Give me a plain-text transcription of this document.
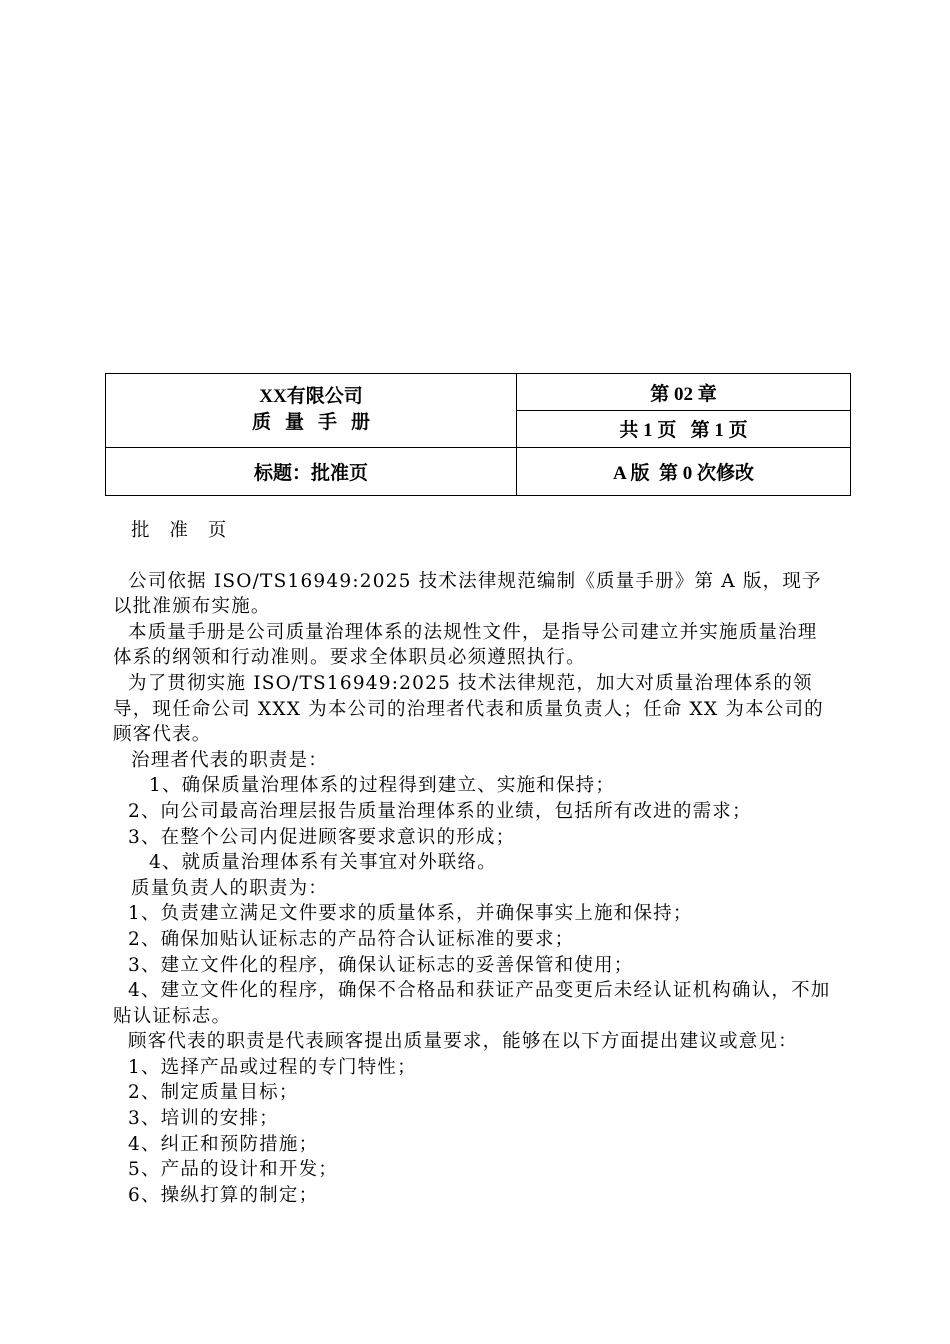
XX有限公司
质量手册	第 02 章
	共 1 页   第 1 页
标题：批准页	A 版  第 0 次修改

批 准 页

公司依据 ISO/TS16949:2025 技术法律规范编制《质量手册》第 A 版，现予以批准颁布实施。

本质量手册是公司质量治理体系的法规性文件，是指导公司建立并实施质量治理体系的纲领和行动准则。要求全体职员必须遵照执行。

为了贯彻实施 ISO/TS16949:2025 技术法律规范，加大对质量治理体系的领导，现任命公司 XXX 为本公司的治理者代表和质量负责人；任命 XX 为本公司的顾客代表。

治理者代表的职责是：

1、确保质量治理体系的过程得到建立、实施和保持；

2、向公司最高治理层报告质量治理体系的业绩，包括所有改进的需求；

3、在整个公司内促进顾客要求意识的形成；

4、就质量治理体系有关事宜对外联络。

质量负责人的职责为：

1、负责建立满足文件要求的质量体系，并确保事实上施和保持；

2、确保加贴认证标志的产品符合认证标准的要求；

3、建立文件化的程序，确保认证标志的妥善保管和使用；

4、建立文件化的程序，确保不合格品和获证产品变更后未经认证机构确认，不加贴认证标志。

顾客代表的职责是代表顾客提出质量要求，能够在以下方面提出建议或意见：

1、选择产品或过程的专门特性；

2、制定质量目标；

3、培训的安排；

4、纠正和预防措施；

5、产品的设计和开发；

6、操纵打算的制定；
